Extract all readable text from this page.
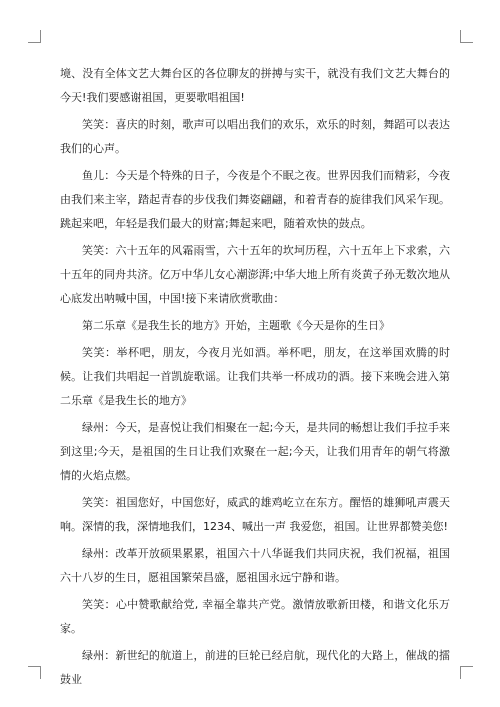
境、没有全体文艺大舞台区的各位聊友的拼搏与实干，就没有我们文艺大舞台的今天!我们要感谢祖国，更要歌唱祖国!

笑笑：喜庆的时刻，歌声可以唱出我们的欢乐，欢乐的时刻，舞蹈可以表达我们的心声。

鱼儿：今天是个特殊的日子，今夜是个不眠之夜。世界因我们而精彩，今夜由我们来主宰，踏起青春的步伐我们舞姿翩翩，和着青春的旋律我们风采乍现。跳起来吧，年轻是我们最大的财富;舞起来吧，随着欢快的鼓点。

笑笑：六十五年的风霜雨雪，六十五年的坎坷历程，六十五年上下求索，六十五年的同舟共济。亿万中华儿女心潮澎湃;中华大地上所有炎黄子孙无数次地从心底发出呐喊中国，中国!接下来请欣赏歌曲：

第二乐章《是我生长的地方》开始，主题歌《今天是你的生日》

笑笑：举杯吧，朋友，今夜月光如酒。举杯吧，朋友，在这举国欢腾的时候。让我们共唱起一首凯旋歌谣。让我们共举一杯成功的酒。接下来晚会进入第二乐章《是我生长的地方》

绿州：今天，是喜悦让我们相聚在一起;今天，是共同的畅想让我们手拉手来到这里;今天，是祖国的生日让我们欢聚在一起;今天，让我们用青年的朝气将激情的火焰点燃。

笑笑：祖国您好，中国您好，威武的雄鸡屹立在东方。醒悟的雄狮吼声震天响。深情的我，深情地我们，1234、喊出一声 我爱您，祖国。让世界都赞美您!

绿州：改革开放硕果累累，祖国六十八华诞我们共同庆祝，我们祝福，祖国六十八岁的生日，愿祖国繁荣昌盛，愿祖国永远宁静和谐。

笑笑：心中赞歌献给党, 幸福全靠共产党。激情放歌新田楼，和谐文化乐万家。

绿州：新世纪的航道上，前进的巨轮已经启航，现代化的大路上，催战的擂鼓业
